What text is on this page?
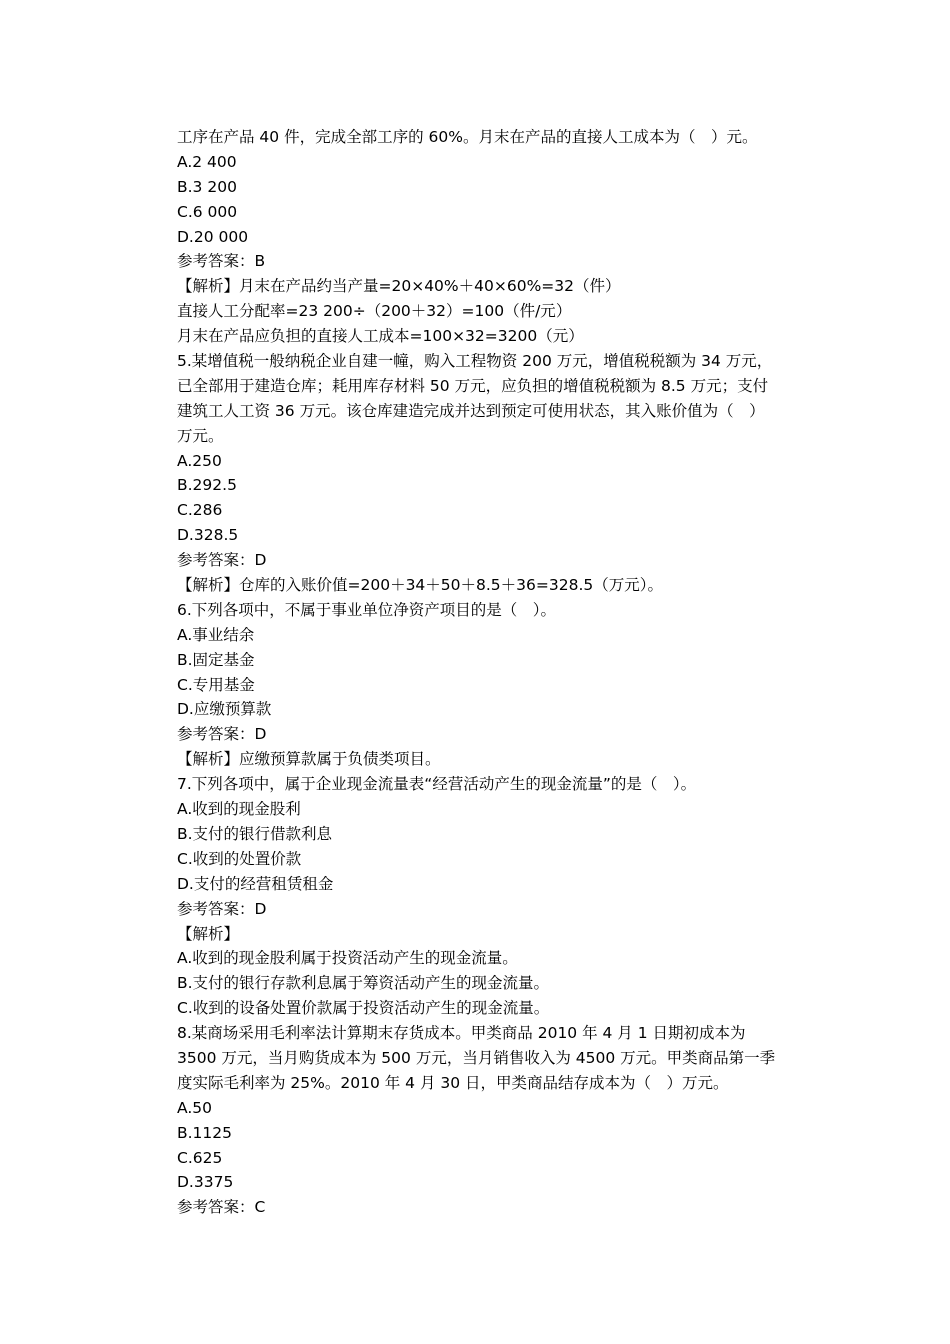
工序在产品 40 件，完成全部工序的 60%。月末在产品的直接人工成本为（　）元。
A.2 400
B.3 200
C.6 000
D.20 000
参考答案：B
【解析】月末在产品约当产量=20×40%＋40×60%=32（件）
直接人工分配率=23 200÷（200＋32）=100（件/元）
月末在产品应负担的直接人工成本=100×32=3200（元）
5.某增值税一般纳税企业自建一幢，购入工程物资 200 万元，增值税税额为 34 万元，
已全部用于建造仓库；耗用库存材料 50 万元，应负担的增值税税额为 8.5 万元；支付
建筑工人工资 36 万元。该仓库建造完成并达到预定可使用状态，其入账价值为（　）
万元。
A.250
B.292.5
C.286
D.328.5
参考答案：D
【解析】仓库的入账价值=200＋34＋50＋8.5＋36=328.5（万元）。
6.下列各项中，不属于事业单位净资产项目的是（　）。
A.事业结余
B.固定基金
C.专用基金
D.应缴预算款
参考答案：D
【解析】应缴预算款属于负债类项目。
7.下列各项中，属于企业现金流量表“经营活动产生的现金流量”的是（　）。
A.收到的现金股利
B.支付的银行借款利息
C.收到的处置价款
D.支付的经营租赁租金
参考答案：D
【解析】
A.收到的现金股利属于投资活动产生的现金流量。
B.支付的银行存款利息属于筹资活动产生的现金流量。
C.收到的设备处置价款属于投资活动产生的现金流量。
8.某商场采用毛利率法计算期末存货成本。甲类商品 2010 年 4 月 1 日期初成本为
3500 万元，当月购货成本为 500 万元，当月销售收入为 4500 万元。甲类商品第一季
度实际毛利率为 25%。2010 年 4 月 30 日，甲类商品结存成本为（　）万元。
A.50
B.1125
C.625
D.3375
参考答案：C
